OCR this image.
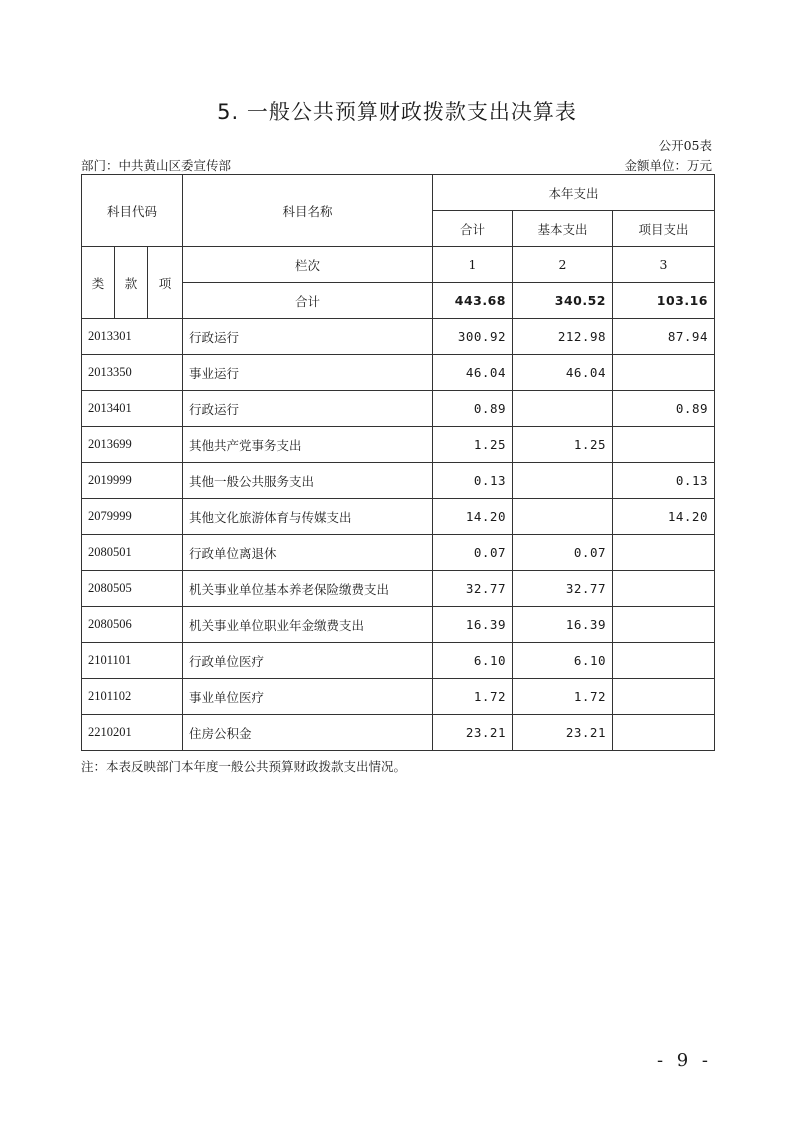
5. 一般公共预算财政拨款支出决算表
公开05表
部门：中共黄山区委宣传部	金额单位：万元
科目代码			科目名称	本年支出		
				合计	基本支出	项目支出
类	款	项	栏次	1	2	3
			合计	443.68	340.52	103.16
2013301			行政运行	300.92	212.98	87.94
2013350			事业运行	46.04	46.04	
2013401			行政运行	0.89		0.89
2013699			其他共产党事务支出	1.25	1.25	
2019999			其他一般公共服务支出	0.13		0.13
2079999			其他文化旅游体育与传媒支出	14.20		14.20
2080501			行政单位离退休	0.07	0.07	
2080505			机关事业单位基本养老保险缴费支出	32.77	32.77	
2080506			机关事业单位职业年金缴费支出	16.39	16.39	
2101101			行政单位医疗	6.10	6.10	
2101102			事业单位医疗	1.72	1.72	
2210201			住房公积金	23.21	23.21	
注：本表反映部门本年度一般公共预算财政拨款支出情况。
- 9 -
